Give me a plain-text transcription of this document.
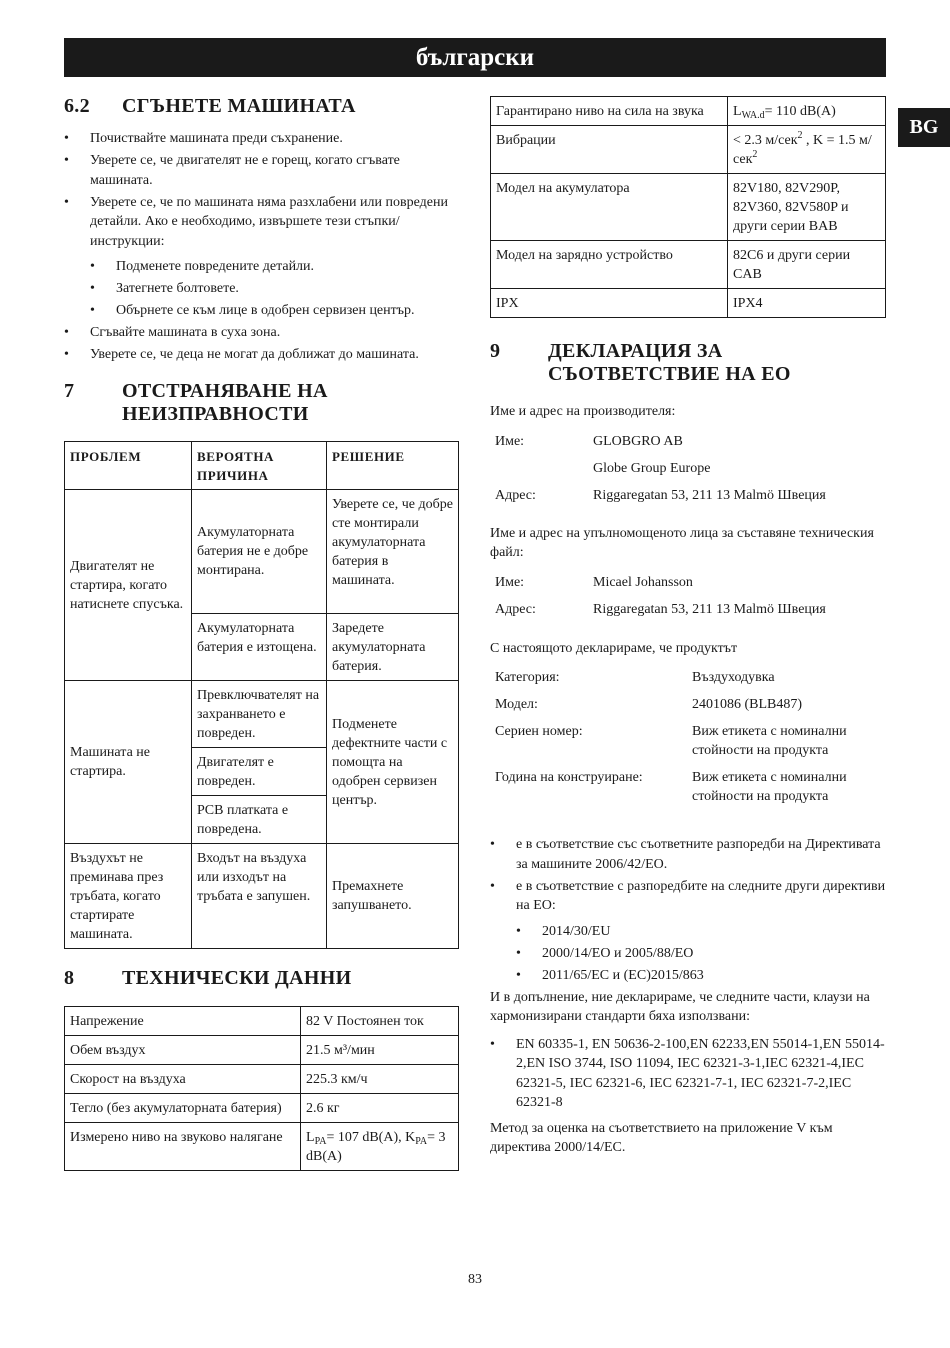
български
BG
6.2	СГЪНЕТЕ МАШИНАТА
• Почиствайте машината преди съхранение.
• Уверете се, че двигателят не е горещ, когато сгъвате машината.
• Уверете се, че по машината няма разхлабени или повредени детайли. Ако е необходимо, извършете тези стъпки/инструкции:
• Подменете повредените детайли.
• Затегнете болтовете.
• Обърнете се към лице в одобрен сервизен център.
• Сгъвайте машината в суха зона.
• Уверете се, че деца не могат да доближат до машината.
7	ОТСТРАНЯВАНЕ НА НЕИЗПРАВНОСТИ
ПРОБЛЕМ	ВЕРОЯТНА ПРИЧИНА	РЕШЕНИЕ
Двигателят не стартира, когато натиснете спусъка.	Акумулаторната батерия не е добре монтирана.	Уверете се, че добре сте монтирали акумулаторната батерия в машината.
	Акумулаторната батерия е изтощена.	Заредете акумулаторната батерия.
Машината не стартира.	Превключвателят на захранването е повреден.	Подменете дефектните части с помощта на одобрен сервизен център.
	Двигателят е повреден.	
	PCB платката е повредена.	
Въздухът не преминава през тръбата, когато стартирате машината.	Входът на въздуха или изходът на тръбата е запушен.	Премахнете запушването.
8	ТЕХНИЧЕСКИ ДАННИ
Напрежение	82 V Постоянен ток
Обем въздух	21.5 м³/мин
Скорост на въздуха	225.3 км/ч
Тегло (без акумулаторната батерия)	2.6 кг
Измерено ниво на звуково налягане	$L_{PA}= 107$ dB(A), $K_{PA}= 3$ dB(A)
Гарантирано ниво на сила на звука	$L_{WA.d}= 110$ dB(A)
Вибрации	< 2.3 м/сек$^2$ , K = 1.5 м/сек$^2$
Модел на акумулатора	82V180, 82V290P, 82V360, 82V580P и други серии BAB
Модел на зарядно устройство	82C6 и други серии CAB
IPX	IPX4
9	ДЕКЛАРАЦИЯ ЗА СЪОТВЕТСТВИЕ НА ЕО

Име и адрес на производителя:

Име:	GLOBGRO AB
	Globe Group Europe
Адрес:	Riggaregatan 53, 211 13 Malmö Швеция

Име и адрес на упълномощеното лица за съставяне техническия файл:

Име:	Micael Johansson
Адрес:	Riggaregatan 53, 211 13 Malmö Швеция

С настоящото декларираме, че продуктът

Категория:	Въздуходувка
Модел:	2401086 (BLB487)
Сериен номер:	Виж етикета с номинални стойности на продукта
Година на конструиране:	Виж етикета с номинални стойности на продукта
• е в съответствие със съответните разпоредби на Директивата за машините 2006/42/ЕО.
• е в съответствие с разпоредбите на следните други директиви на ЕО:
• 2014/30/EU
• 2000/14/ЕО и 2005/88/ЕО
• 2011/65/ЕС и (ЕС)2015/863

И в допълнение, ние декларираме, че следните части, клаузи на хармонизирани стандарти бяха използвани:

• EN 60335-1, EN 50636-2-100,EN 62233,EN 55014-1,EN 55014-2,EN ISO 3744, ISO 11094, IEC 62321-3-1,IEC 62321-4,IEC 62321-5, IEC 62321-6, IEC 62321-7-1, IEC 62321-7-2,IEC 62321-8

Метод за оценка на съответствието на приложение V към директива 2000/14/ЕС.

83
